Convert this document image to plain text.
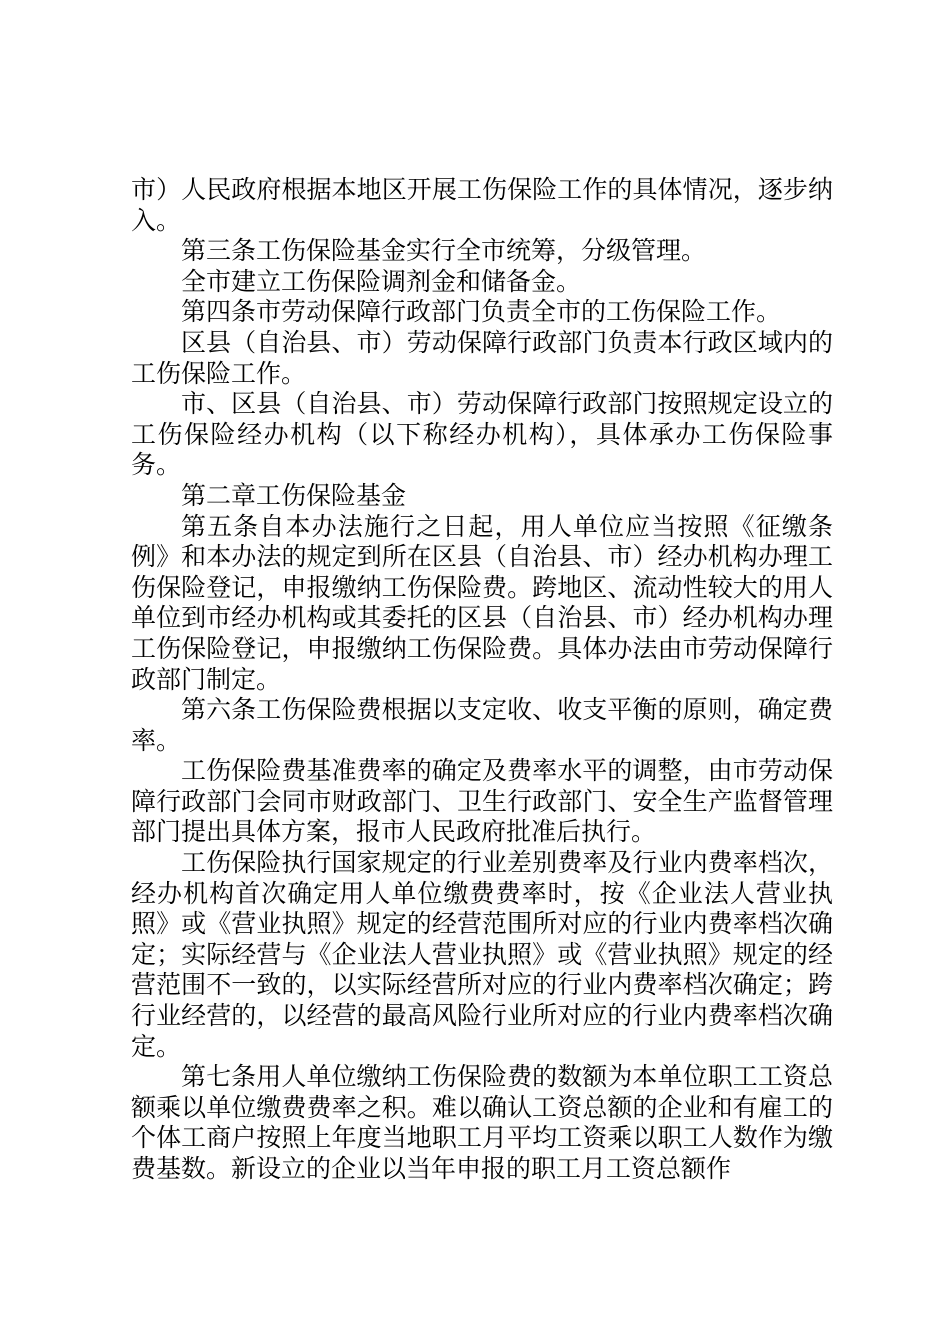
市）人民政府根据本地区开展工伤保险工作的具体情况，逐步纳入。

第三条工伤保险基金实行全市统筹，分级管理。

全市建立工伤保险调剂金和储备金。

第四条市劳动保障行政部门负责全市的工伤保险工作。

区县（自治县、市）劳动保障行政部门负责本行政区域内的工伤保险工作。

市、区县（自治县、市）劳动保障行政部门按照规定设立的工伤保险经办机构（以下称经办机构），具体承办工伤保险事务。

第二章工伤保险基金

第五条自本办法施行之日起，用人单位应当按照《征缴条例》和本办法的规定到所在区县（自治县、市）经办机构办理工伤保险登记，申报缴纳工伤保险费。跨地区、流动性较大的用人单位到市经办机构或其委托的区县（自治县、市）经办机构办理工伤保险登记，申报缴纳工伤保险费。具体办法由市劳动保障行政部门制定。

第六条工伤保险费根据以支定收、收支平衡的原则，确定费率。

工伤保险费基准费率的确定及费率水平的调整，由市劳动保障行政部门会同市财政部门、卫生行政部门、安全生产监督管理部门提出具体方案，报市人民政府批准后执行。

工伤保险执行国家规定的行业差别费率及行业内费率档次，经办机构首次确定用人单位缴费费率时，按《企业法人营业执照》或《营业执照》规定的经营范围所对应的行业内费率档次确定；实际经营与《企业法人营业执照》或《营业执照》规定的经营范围不一致的，以实际经营所对应的行业内费率档次确定；跨行业经营的，以经营的最高风险行业所对应的行业内费率档次确定。

第七条用人单位缴纳工伤保险费的数额为本单位职工工资总额乘以单位缴费费率之积。难以确认工资总额的企业和有雇工的个体工商户按照上年度当地职工月平均工资乘以职工人数作为缴费基数。新设立的企业以当年申报的职工月工资总额作
